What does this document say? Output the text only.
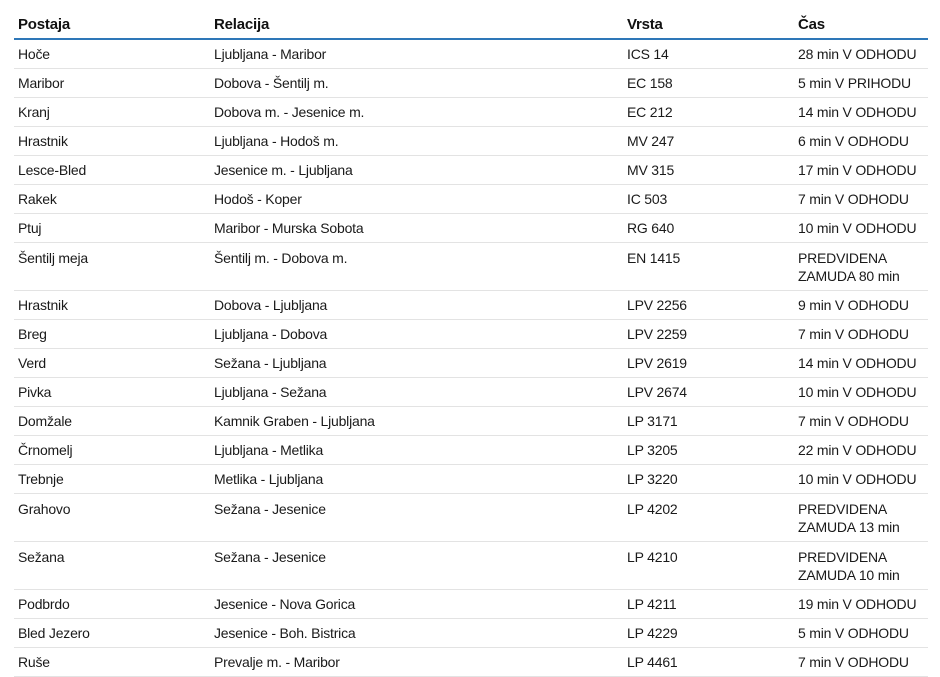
Postaja	Relacija	Vrsta	Čas
Hoče	Ljubljana - Maribor	ICS 14	28 min V ODHODU
Maribor	Dobova - Šentilj m.	EC 158	5 min V PRIHODU
Kranj	Dobova m. - Jesenice m.	EC 212	14 min V ODHODU
Hrastnik	Ljubljana - Hodoš m.	MV 247	6 min V ODHODU
Lesce-Bled	Jesenice m. - Ljubljana	MV 315	17 min V ODHODU
Rakek	Hodoš - Koper	IC 503	7 min V ODHODU
Ptuj	Maribor - Murska Sobota	RG 640	10 min V ODHODU
Šentilj meja	Šentilj m. - Dobova m.	EN 1415	PREDVIDENA ZAMUDA 80 min
Hrastnik	Dobova - Ljubljana	LPV 2256	9 min V ODHODU
Breg	Ljubljana - Dobova	LPV 2259	7 min V ODHODU
Verd	Sežana - Ljubljana	LPV 2619	14 min V ODHODU
Pivka	Ljubljana - Sežana	LPV 2674	10 min V ODHODU
Domžale	Kamnik Graben - Ljubljana	LP 3171	7 min V ODHODU
Črnomelj	Ljubljana - Metlika	LP 3205	22 min V ODHODU
Trebnje	Metlika - Ljubljana	LP 3220	10 min V ODHODU
Grahovo	Sežana - Jesenice	LP 4202	PREDVIDENA ZAMUDA 13 min
Sežana	Sežana - Jesenice	LP 4210	PREDVIDENA ZAMUDA 10 min
Podbrdo	Jesenice - Nova Gorica	LP 4211	19 min V ODHODU
Bled Jezero	Jesenice - Boh. Bistrica	LP 4229	5 min V ODHODU
Ruše	Prevalje m. - Maribor	LP 4461	7 min V ODHODU
